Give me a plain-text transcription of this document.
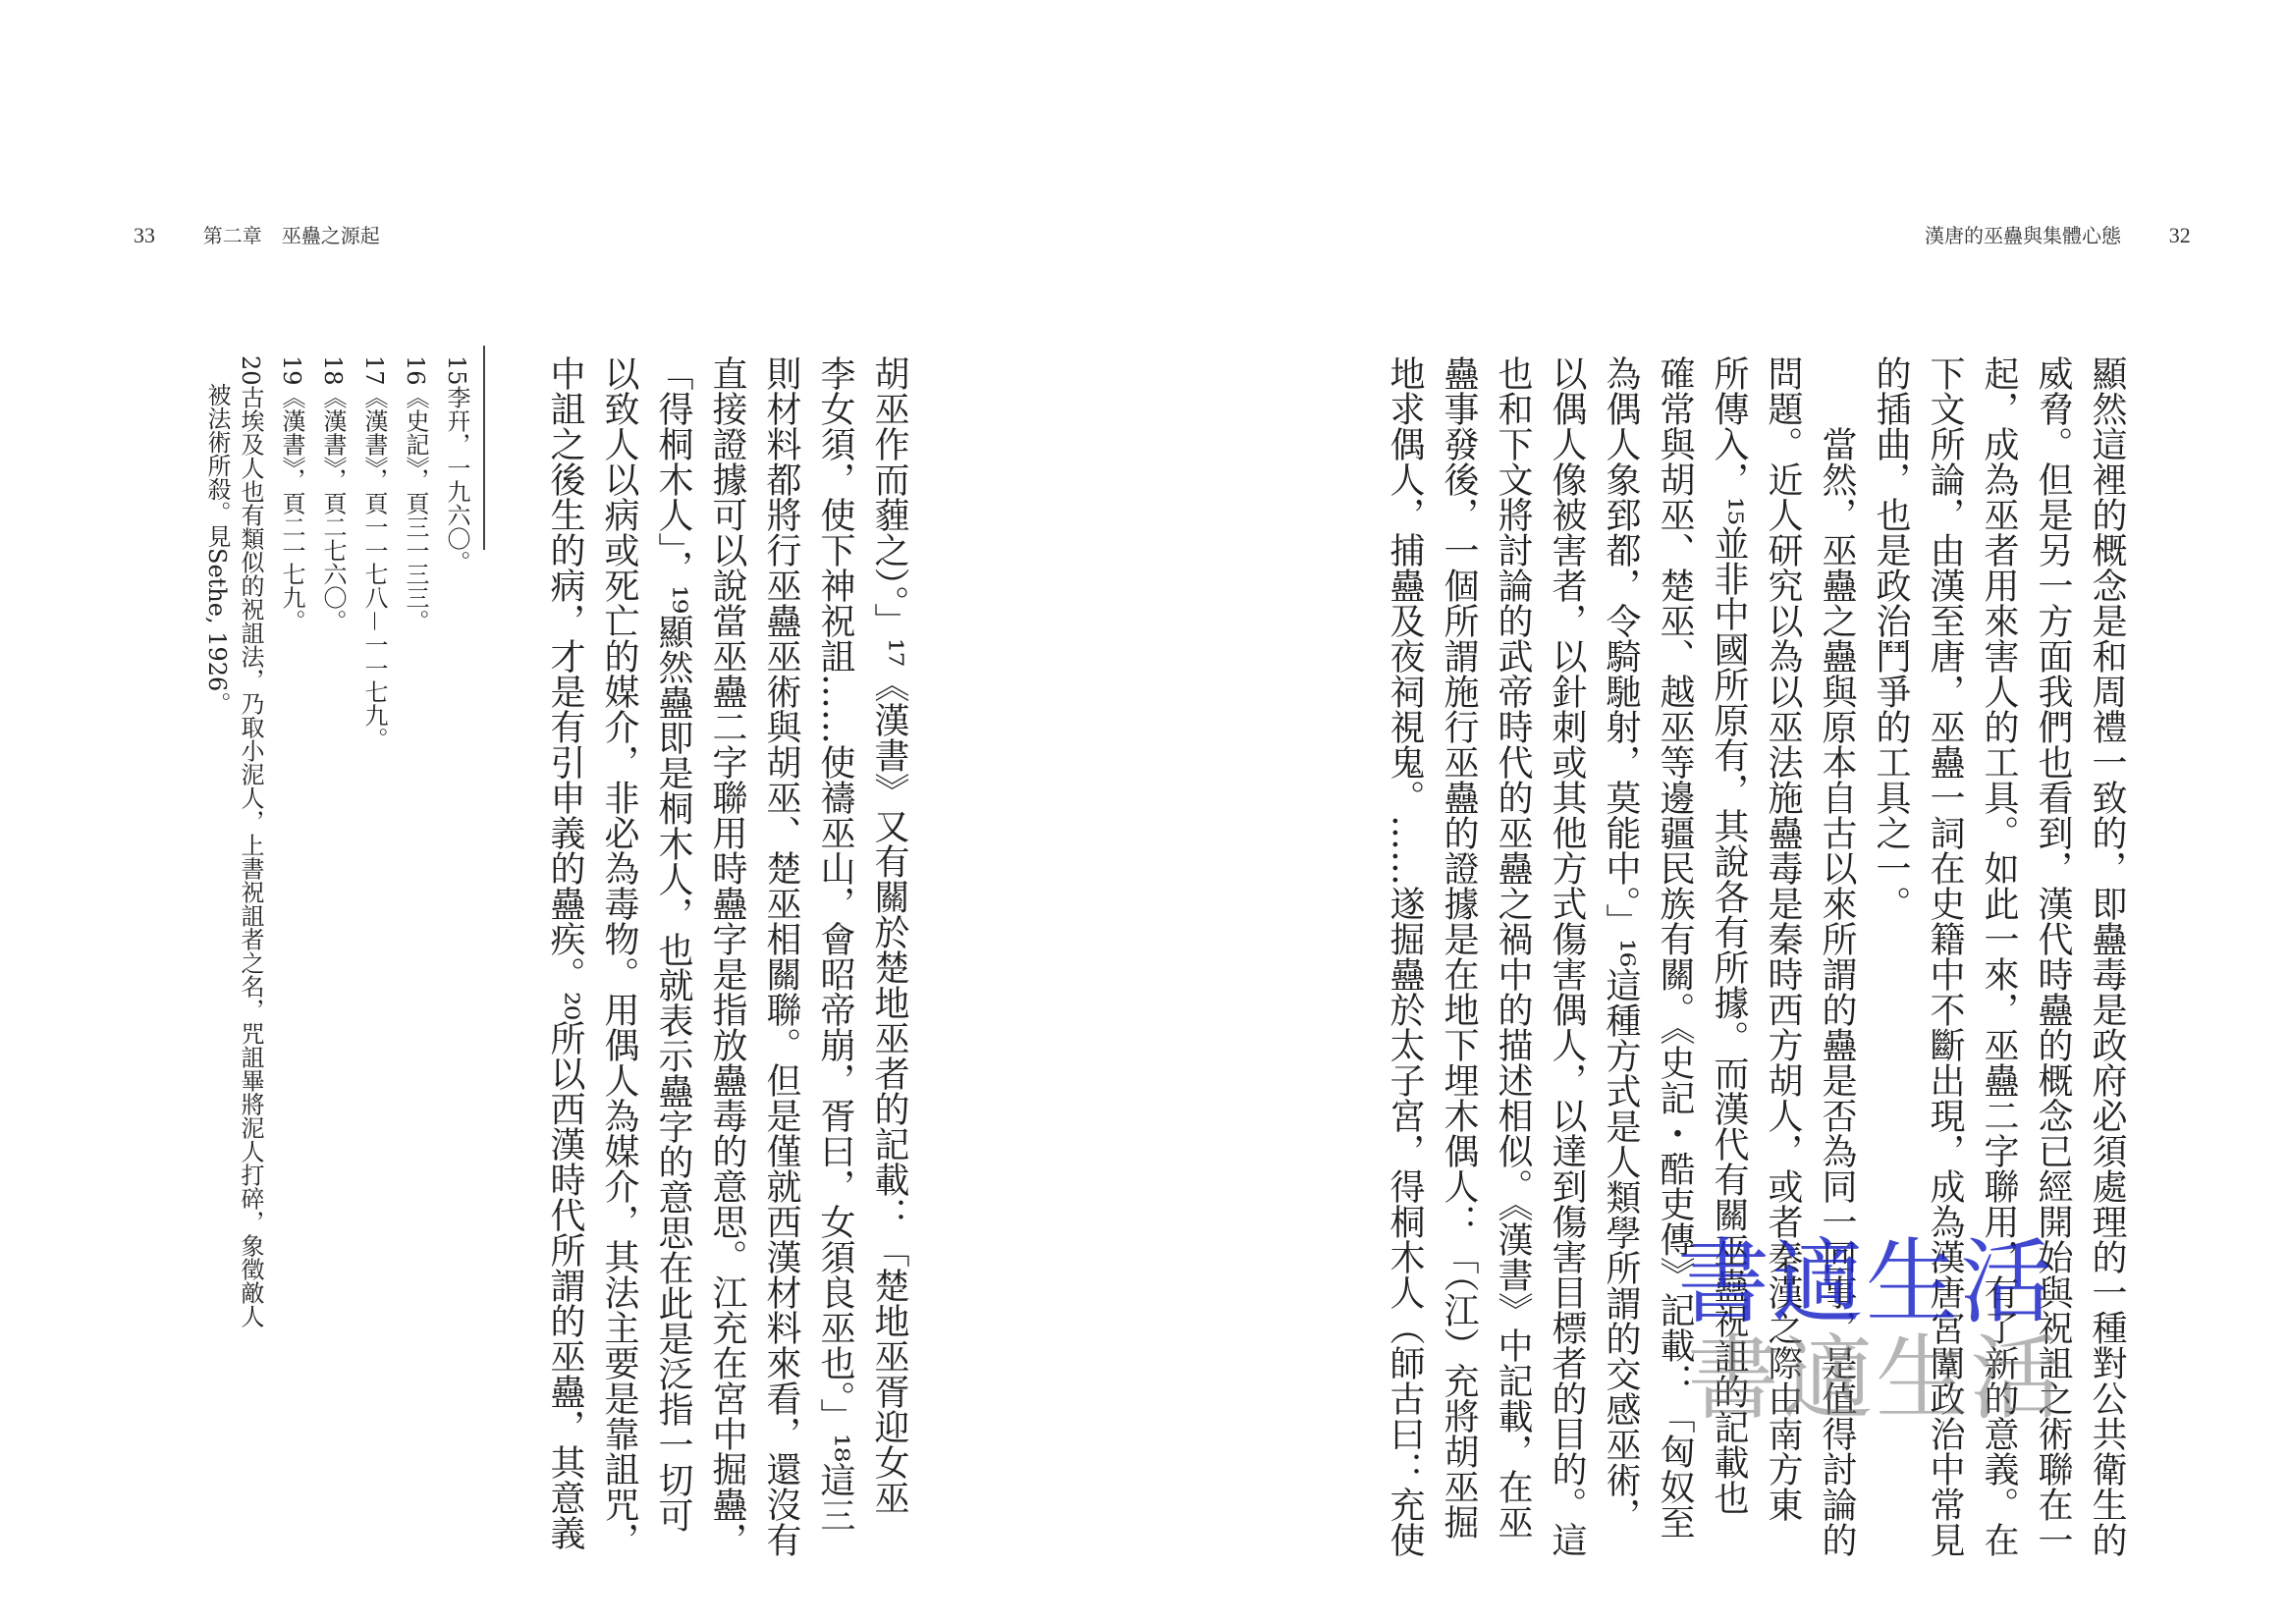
33 第二章　巫蠱之源起	漢唐的巫蠱與集體心態 32
顯然這裡的概念是和周禮一致的，即蠱毒是政府必須處理的一種對公共衛生的
威脅。但是另一方面我們也看到，漢代時蠱的概念已經開始與祝詛之術聯在一
起，成為巫者用來害人的工具。如此一來，巫蠱二字聯用，有了新的意義。在
下文所論，由漢至唐，巫蠱一詞在史籍中不斷出現，成為漢唐宮闈政治中常見
的插曲，也是政治鬥爭的工具之一。
　　當然，巫蠱之蠱與原本自古以來所謂的蠱是否為同一回事，是值得討論的
問題。近人研究以為以巫法施蠱毒是秦時西方胡人，或者秦漢之際由南方東
所傳入，¹⁵並非中國所原有，其說各有所據。而漢代有關巫蠱祝詛的記載也
確常與胡巫、楚巫、越巫等邊疆民族有關。《史記・酷吏傳》記載：「匈奴至
為偶人象郅都，令騎馳射，莫能中。」¹⁶這種方式是人類學所謂的交感巫術，
以偶人像被害者，以針刺或其他方式傷害偶人，以達到傷害目標者的目的。這
也和下文將討論的武帝時代的巫蠱之禍中的描述相似。《漢書》中記載，在巫
蠱事發後，一個所謂施行巫蠱的證據是在地下埋木偶人：「（江）充將胡巫掘
地求偶人，捕蠱及夜祠視鬼。……遂掘蠱於太子宮，得桐木人（師古曰：充使
胡巫作而薶之）。」¹⁷《漢書》又有關於楚地巫者的記載：「楚地巫胥迎女巫
李女須，使下神祝詛……使禱巫山，會昭帝崩，胥曰，女須良巫也。」¹⁸這三
則材料都將行巫蠱巫術與胡巫、楚巫相關聯。但是僅就西漢材料來看，還沒有
直接證據可以說當巫蠱二字聯用時蠱字是指放蠱毒的意思。江充在宮中掘蠱，
「得桐木人」，¹⁹顯然蠱即是桐木人，也就表示蠱字的意思在此是泛指一切可
以致人以病或死亡的媒介，非必為毒物。用偶人為媒介，其法主要是靠詛咒，
中詛之後生的病，才是有引申義的蠱疾。²⁰所以西漢時代所謂的巫蠱，其意義
15李幵，一九六〇。
16《史記》，頁三一三三。
17《漢書》，頁一一七八－一一七九。
18《漢書》，頁二七六〇。
19《漢書》，頁二一七九。
20古埃及人也有類似的祝詛法，乃取小泥人，上書祝詛者之名，咒詛畢將泥人打碎，象徵敵人
被法術所殺。見Sethe, 1926。
書適生活
書適生活
